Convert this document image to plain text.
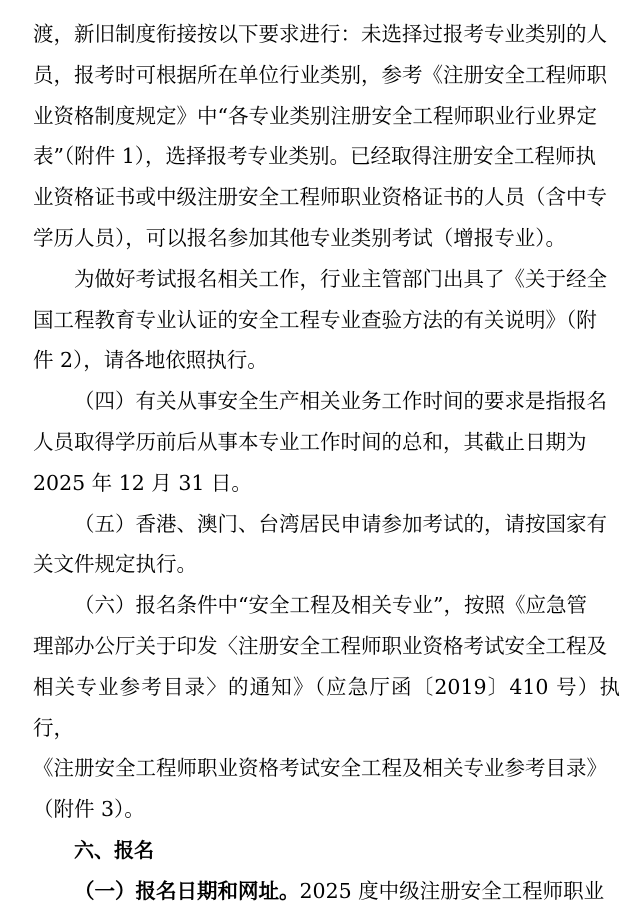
渡，新旧制度衔接按以下要求进行：未选择过报考专业类别的人
员，报考时可根据所在单位行业类别，参考《注册安全工程师职
业资格制度规定》中“各专业类别注册安全工程师职业行业界定
表”（附件 1），选择报考专业类别。已经取得注册安全工程师执
业资格证书或中级注册安全工程师职业资格证书的人员（含中专
学历人员），可以报名参加其他专业类别考试（增报专业）。

为做好考试报名相关工作，行业主管部门出具了《关于经全
国工程教育专业认证的安全工程专业查验方法的有关说明》（附
件 2），请各地依照执行。

（四）有关从事安全生产相关业务工作时间的要求是指报名
人员取得学历前后从事本专业工作时间的总和，其截止日期为
2025 年 12 月 31 日。

（五）香港、澳门、台湾居民申请参加考试的，请按国家有
关文件规定执行。

（六）报名条件中“安全工程及相关专业”，按照《应急管
理部办公厅关于印发〈注册安全工程师职业资格考试安全工程及
相关专业参考目录〉的通知》（应急厅函〔2019〕410 号）执行，
《注册安全工程师职业资格考试安全工程及相关专业参考目录》
（附件 3）。

六、报名

（一）报名日期和网址。2025 度中级注册安全工程师职业
